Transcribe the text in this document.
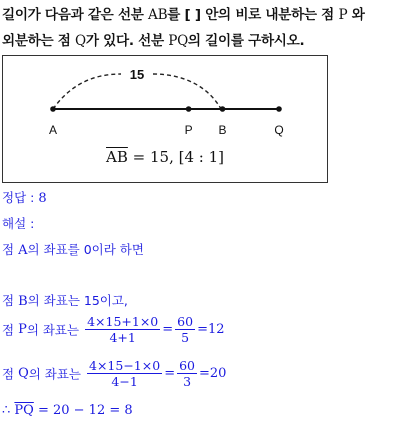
길이가 다음과 같은 선분 AB를 [ ] 안의 비로 내분하는 점 P 와
외분하는 점 Q가 있다. 선분 PQ의 길이를 구하시오.
15
A	P B	Q
$\overline{AB} = 15$, [4 : 1]
정답 : 8
해설 :
점 A의 좌표를 0이라 하면
점 B의 좌표는 15이고,
점 P의 좌표는 $\frac{4\times 15+1\times 0}{4+1} = \frac{60}{5} =12$
점 Q의 좌표는 $\frac{4\times 15-1\times 0}{4-1} = \frac{60}{3} =20$
∴ $\overline{PQ} = 20 - 12 = 8$
